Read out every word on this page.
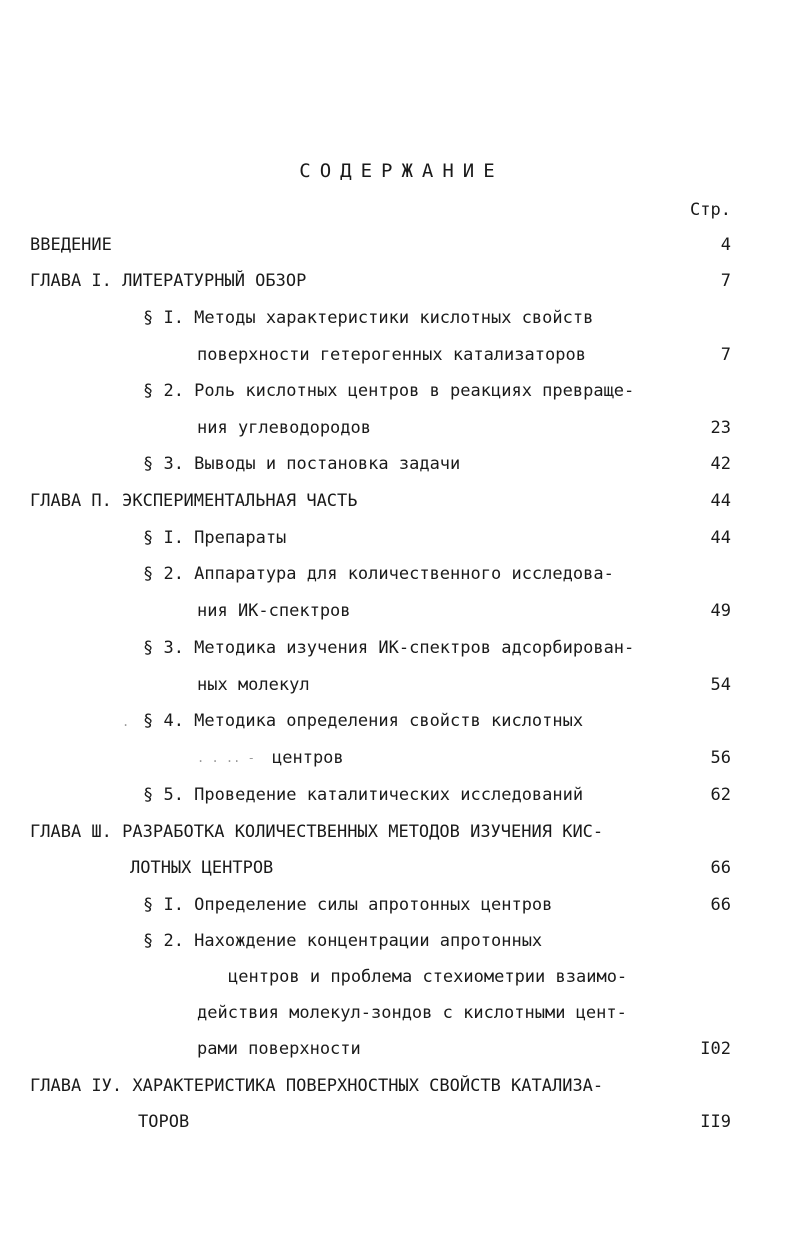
СОДЕРЖАНИЕ
Стр.
ВВЕДЕНИЕ	4
ГЛАВА I. ЛИТЕРАТУРНЫЙ ОБЗОР	7
§ I. Методы характеристики кислотных свойств
поверхности гетерогенных катализаторов	7
§ 2. Роль кислотных центров в реакциях превраще-
ния углеводородов	23
§ 3. Выводы и постановка задачи	42
ГЛАВА П. ЭКСПЕРИМЕНТАЛЬНАЯ ЧАСТЬ	44
§ I. Препараты	44
§ 2. Аппаратура для количественного исследова-
ния ИК-спектров	49
§ 3. Методика изучения ИК-спектров адсорбирован-
ных молекул	54
. § 4. Методика определения свойств кислотных
. . .. - центров	56
§ 5. Проведение каталитических исследований	62
ГЛАВА Ш. РАЗРАБОТКА КОЛИЧЕСТВЕННЫХ МЕТОДОВ ИЗУЧЕНИЯ КИС-
ЛОТНЫХ ЦЕНТРОВ	66
§ I. Определение силы апротонных центров	66
§ 2. Нахождение концентрации апротонных
центров и проблема стехиометрии взаимо-
действия молекул-зондов с кислотными цент-
рами поверхности	I02
ГЛАВА IУ. ХАРАКТЕРИСТИКА ПОВЕРХНОСТНЫХ СВОЙСТВ КАТАЛИЗА-
ТОРОВ	II9
